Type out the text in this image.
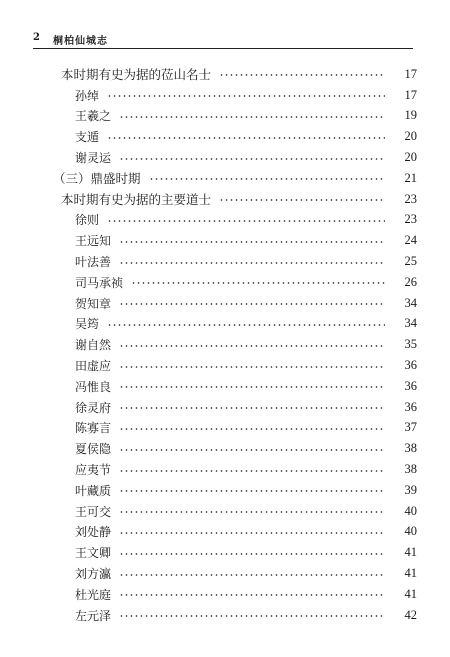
2 桐柏仙城志
本时期有史为据的莅山名士	17
孙绰	17
王羲之	19
支遁	20
谢灵运	20
（三）鼎盛时期	21
本时期有史为据的主要道士	23
徐则	23
王远知	24
叶法善	25
司马承祯	26
贺知章	34
吴筠	34
谢自然	35
田虚应	36
冯惟良	36
徐灵府	36
陈寡言	37
夏侯隐	38
应夷节	38
叶藏质	39
王可交	40
刘处静	40
王文卿	41
刘方瀛	41
杜光庭	41
左元泽	42
